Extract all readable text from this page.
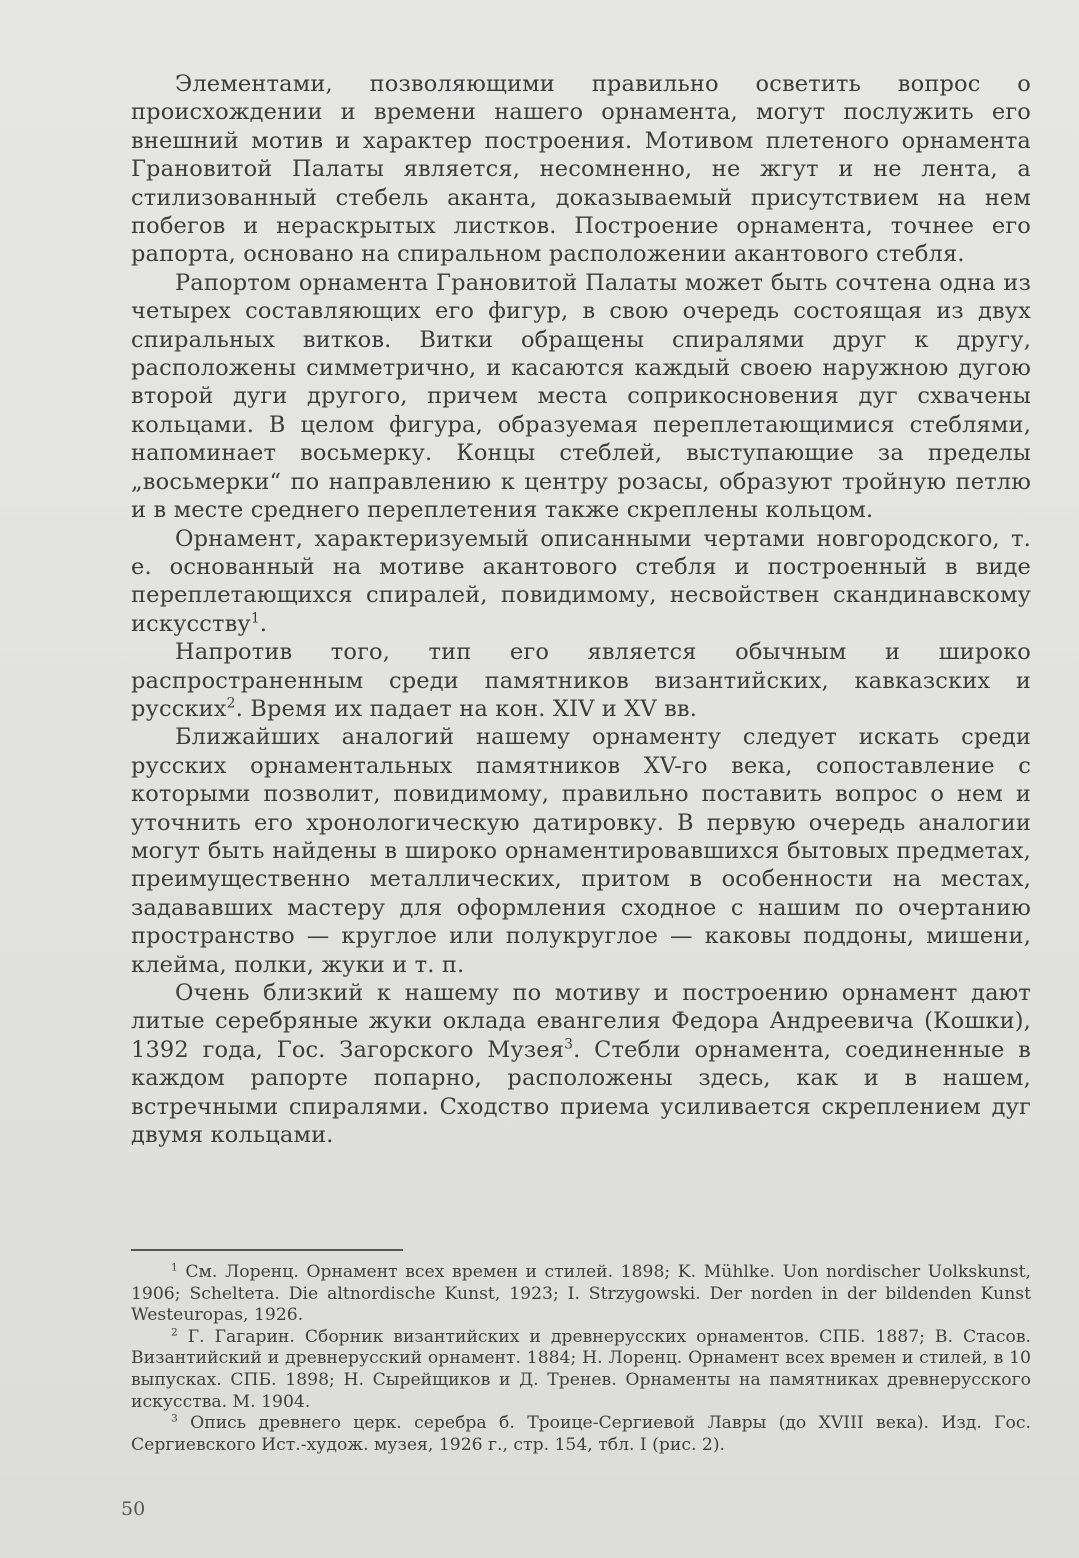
Элементами, позволяющими правильно осветить вопрос о происхождении и времени нашего орнамента, могут послужить его внешний мотив и характер построения. Мотивом плетеного орнамента Грановитой Палаты является, несомненно, не жгут и не лента, а стилизованный стебель аканта, доказываемый присутствием на нем побегов и нераскрытых листков. Построение орнамента, точнее его рапорта, основано на спиральном расположении акантового стебля.

Рапортом орнамента Грановитой Палаты может быть сочтена одна из четырех составляющих его фигур, в свою очередь состоящая из двух спиральных витков. Витки обращены спиралями друг к другу, расположены симметрично, и касаются каждый своею наружною дугою второй дуги другого, причем места соприкосновения дуг схвачены кольцами. В целом фигура, образуемая переплетающимися стеблями, напоминает восьмерку. Концы стеблей, выступающие за пределы „восьмерки“ по направлению к центру розасы, образуют тройную петлю и в месте среднего переплетения также скреплены кольцом.

Орнамент, характеризуемый описанными чертами новгородского, т. е. основанный на мотиве акантового стебля и построенный в виде переплетающихся спиралей, повидимому, несвойствен скандинавскому искусству$^1$.

Напротив того, тип его является обычным и широко распространенным среди памятников византийских, кавказских и русских$^2$. Время их падает на кон. XIV и XV вв.

Ближайших аналогий нашему орнаменту следует искать среди русских орнаментальных памятников XV-го века, сопоставление с которыми позволит, повидимому, правильно поставить вопрос о нем и уточнить его хронологическую датировку. В первую очередь аналогии могут быть найдены в широко орнаментировавшихся бытовых предметах, преимущественно металлических, притом в особенности на местах, задававших мастеру для оформления сходное с нашим по очертанию пространство — круглое или полукруглое — каковы поддоны, мишени, клейма, полки, жуки и т. п.

Очень близкий к нашему по мотиву и построению орнамент дают литые серебряные жуки оклада евангелия Федора Андреевича (Кошки), 1392 года, Гос. Загорского Музея$^3$. Стебли орнамента, соединенные в каждом рапорте попарно, расположены здесь, как и в нашем, встречными спиралями. Сходство приема усиливается скреплением дуг двумя кольцами.

$^1$ См. Лоренц. Орнамент всех времен и стилей. 1898; K. Mühlke. Uon nordischer Uolkskunst, 1906; Schelteтa. Die altnordische Kunst, 1923; I. Strzygowski. Der norden in der bildenden Kunst Westeuropas, 1926.

$^2$ Г. Гагарин. Сборник византийских и древнерусских орнаментов. СПБ. 1887; В. Стасов. Византийский и древнерусский орнамент. 1884; Н. Лоренц. Орнамент всех времен и стилей, в 10 выпусках. СПБ. 1898; Н. Сырейщиков и Д. Тренев. Орнаменты на памятниках древнерусского искусства. М. 1904.

$^3$ Опись древнего церк. серебра б. Троице-Сергиевой Лавры (до XVIII века). Изд. Гос. Сергиевского Ист.-худож. музея, 1926 г., стр. 154, тбл. I (рис. 2).

50
